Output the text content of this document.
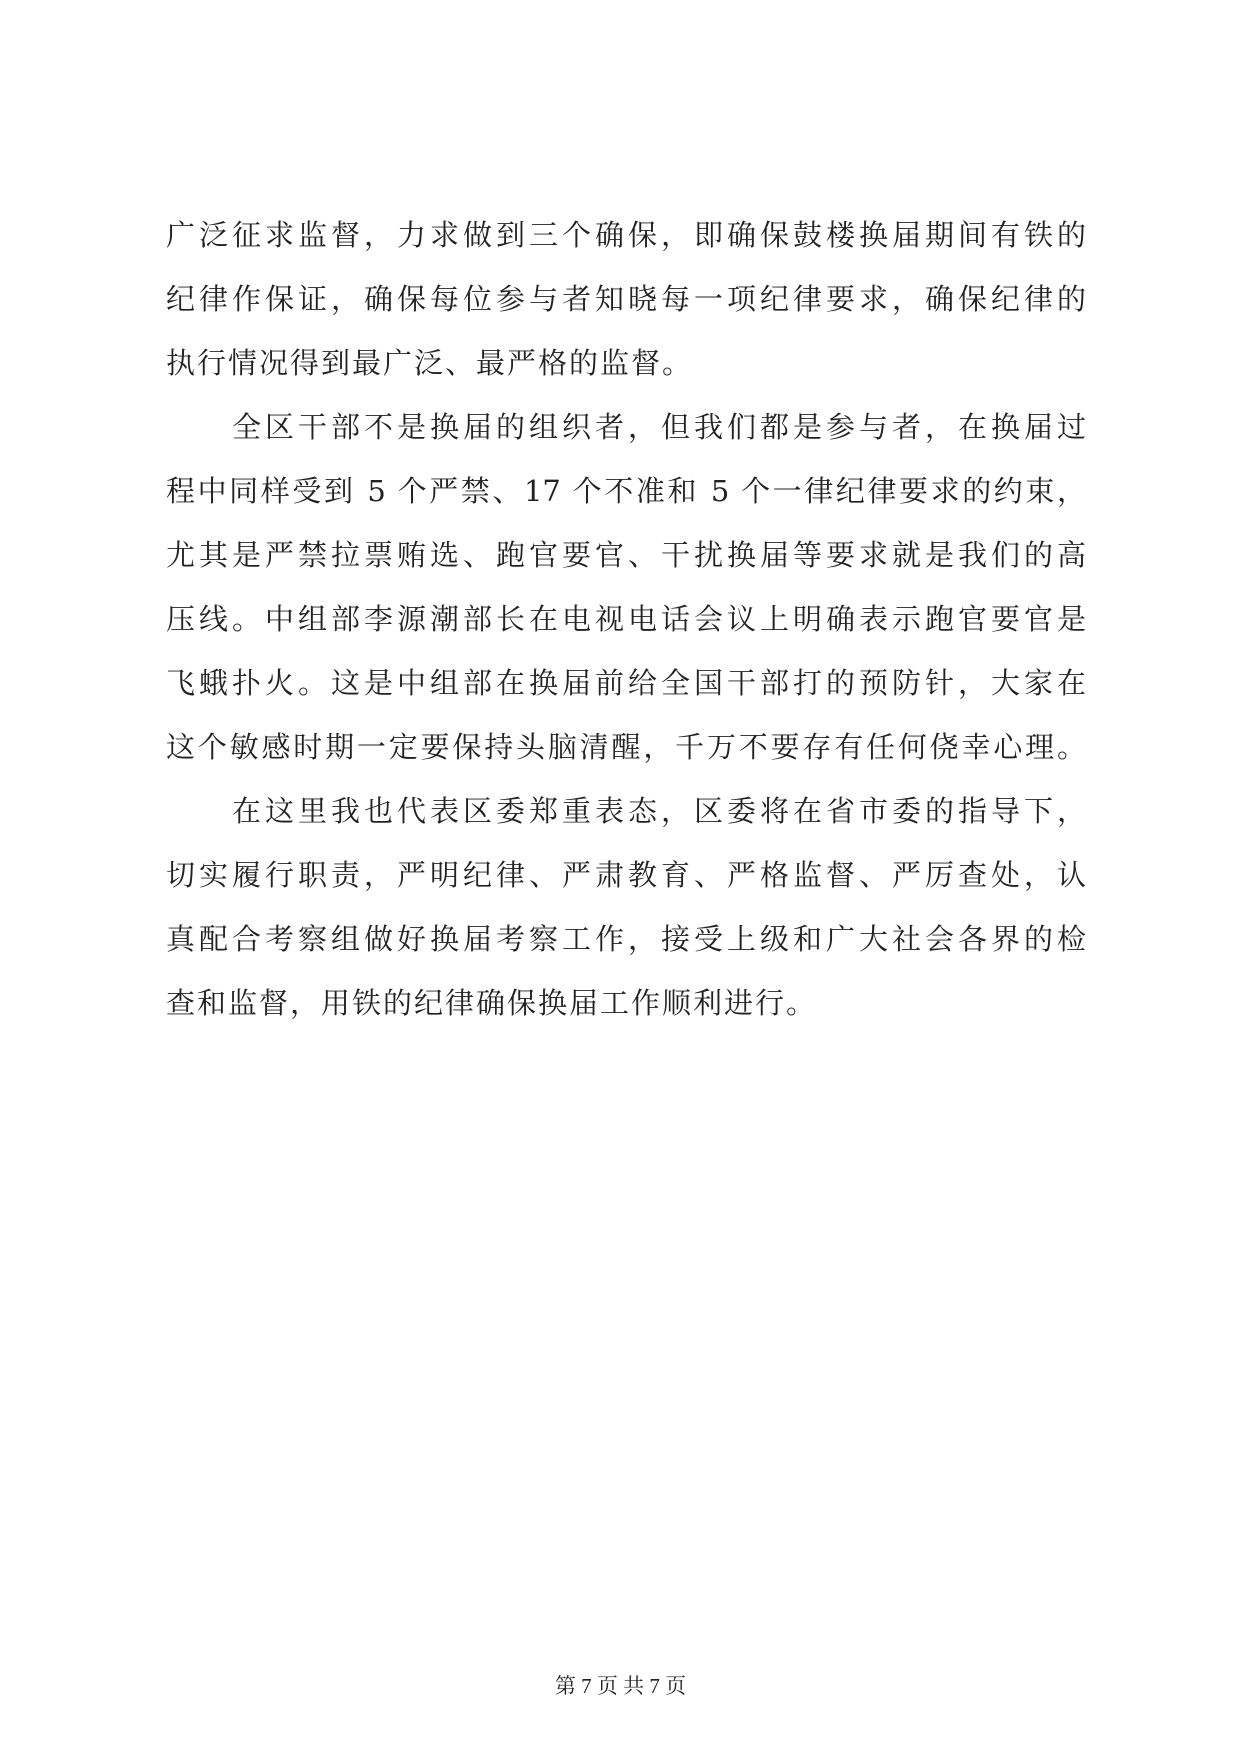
广泛征求监督，力求做到三个确保，即确保鼓楼换届期间有铁的
纪律作保证，确保每位参与者知晓每一项纪律要求，确保纪律的
执行情况得到最广泛、最严格的监督。
全区干部不是换届的组织者，但我们都是参与者，在换届过
程中同样受到 5 个严禁、17 个不准和 5 个一律纪律要求的约束，
尤其是严禁拉票贿选、跑官要官、干扰换届等要求就是我们的高
压线。中组部李源潮部长在电视电话会议上明确表示跑官要官是
飞蛾扑火。这是中组部在换届前给全国干部打的预防针，大家在
这个敏感时期一定要保持头脑清醒，千万不要存有任何侥幸心理。
在这里我也代表区委郑重表态，区委将在省市委的指导下，
切实履行职责，严明纪律、严肃教育、严格监督、严厉查处，认
真配合考察组做好换届考察工作，接受上级和广大社会各界的检
查和监督，用铁的纪律确保换届工作顺利进行。
第 7 页 共 7 页
